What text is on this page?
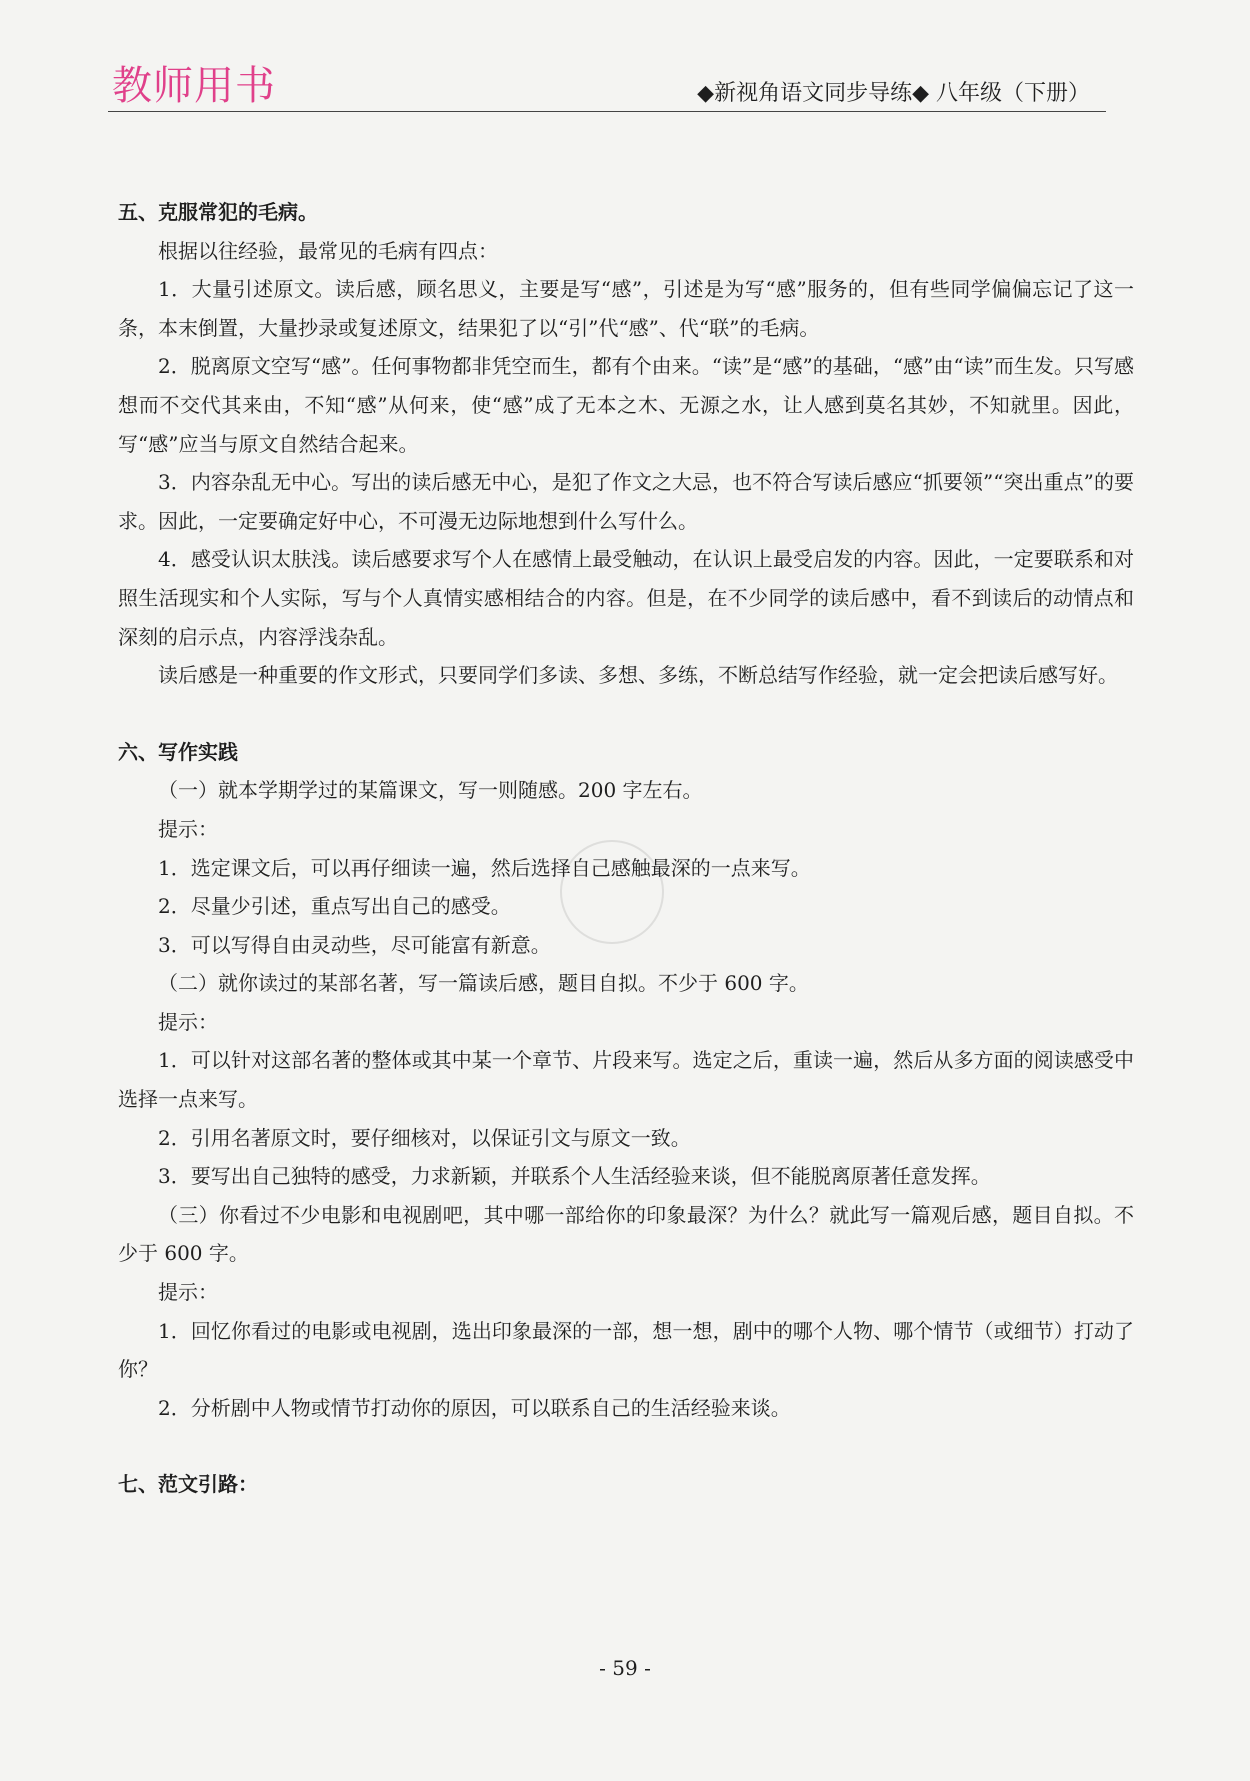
教师用书	◆新视角语文同步导练◆ 八年级（下册）
五、克服常犯的毛病。

根据以往经验，最常见的毛病有四点：

1．大量引述原文。读后感，顾名思义，主要是写“感”，引述是为写“感”服务的，但有些同学偏偏忘记了这一条，本末倒置，大量抄录或复述原文，结果犯了以“引”代“感”、代“联”的毛病。

2．脱离原文空写“感”。任何事物都非凭空而生，都有个由来。“读”是“感”的基础，“感”由“读”而生发。只写感想而不交代其来由，不知“感”从何来，使“感”成了无本之木、无源之水，让人感到莫名其妙，不知就里。因此，写“感”应当与原文自然结合起来。

3．内容杂乱无中心。写出的读后感无中心，是犯了作文之大忌，也不符合写读后感应“抓要领”“突出重点”的要求。因此，一定要确定好中心，不可漫无边际地想到什么写什么。

4．感受认识太肤浅。读后感要求写个人在感情上最受触动，在认识上最受启发的内容。因此，一定要联系和对照生活现实和个人实际，写与个人真情实感相结合的内容。但是，在不少同学的读后感中，看不到读后的动情点和深刻的启示点，内容浮浅杂乱。

读后感是一种重要的作文形式，只要同学们多读、多想、多练，不断总结写作经验，就一定会把读后感写好。

六、写作实践

（一）就本学期学过的某篇课文，写一则随感。200 字左右。

提示：

1．选定课文后，可以再仔细读一遍，然后选择自己感触最深的一点来写。

2．尽量少引述，重点写出自己的感受。

3．可以写得自由灵动些，尽可能富有新意。

（二）就你读过的某部名著，写一篇读后感，题目自拟。不少于 600 字。

提示：

1．可以针对这部名著的整体或其中某一个章节、片段来写。选定之后，重读一遍，然后从多方面的阅读感受中选择一点来写。

2．引用名著原文时，要仔细核对，以保证引文与原文一致。

3．要写出自己独特的感受，力求新颖，并联系个人生活经验来谈，但不能脱离原著任意发挥。

（三）你看过不少电影和电视剧吧，其中哪一部给你的印象最深？为什么？就此写一篇观后感，题目自拟。不少于 600 字。

提示：

1．回忆你看过的电影或电视剧，选出印象最深的一部，想一想，剧中的哪个人物、哪个情节（或细节）打动了你？

2．分析剧中人物或情节打动你的原因，可以联系自己的生活经验来谈。

七、范文引路：
- 59 -
